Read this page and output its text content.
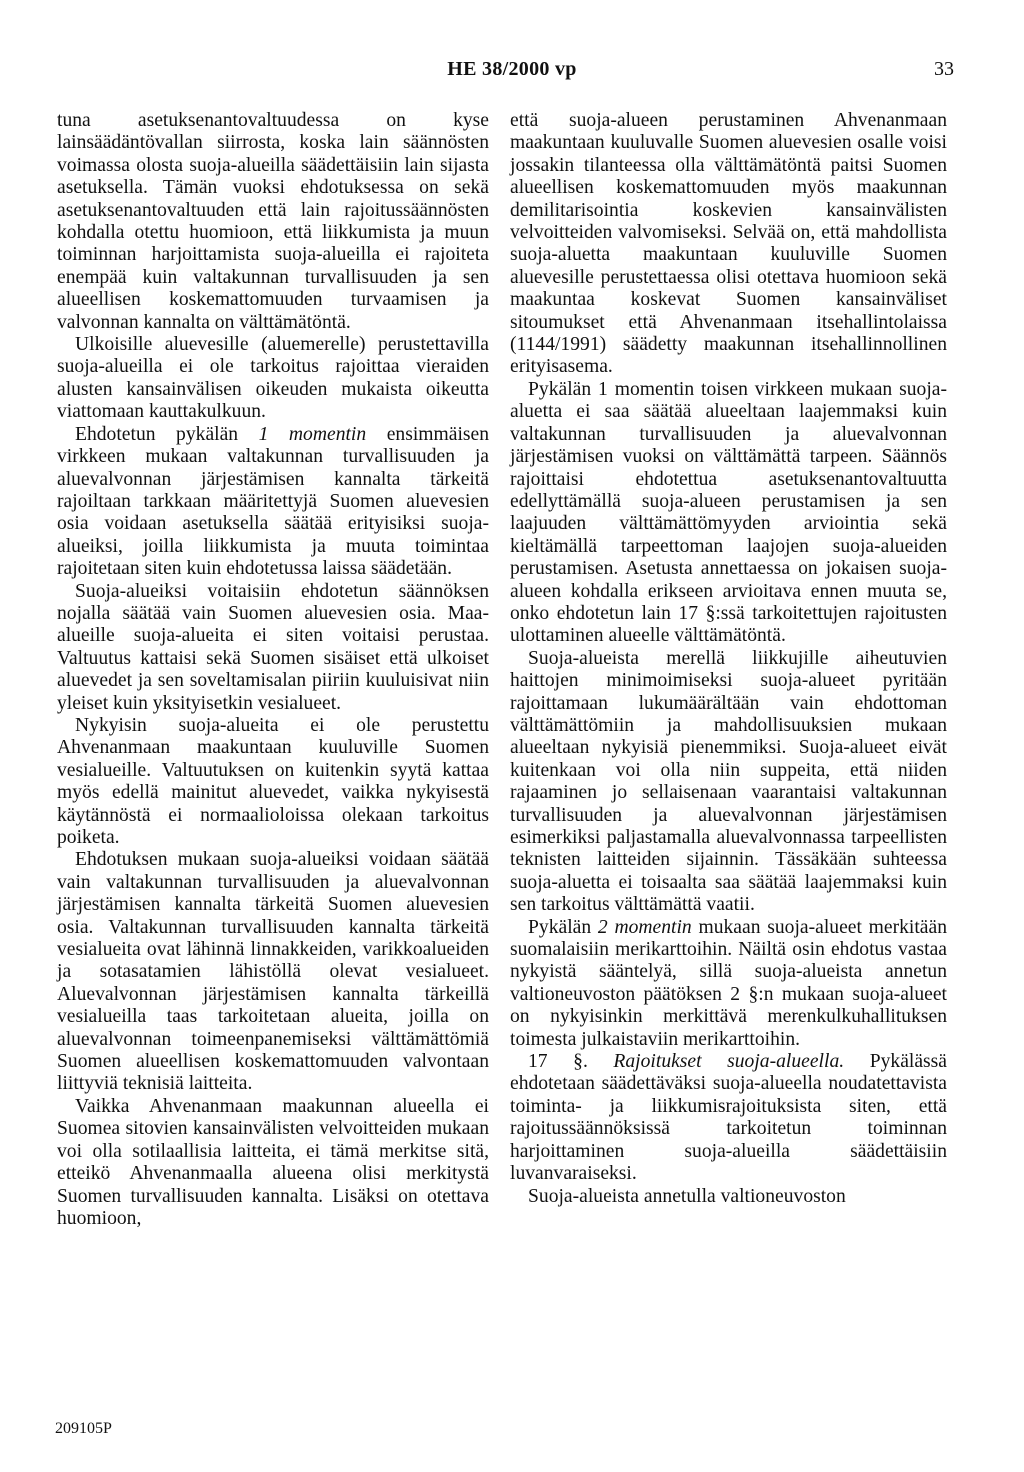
HE 38/2000 vp	33

tuna asetuksenantovaltuudessa on kyse lainsäädäntövallan siirrosta, koska lain säännösten voimassa olosta suoja-alueilla säädettäisiin lain sijasta asetuksella. Tämän vuoksi ehdotuksessa on sekä asetuksenantovaltuuden että lain rajoitussäännösten kohdalla otettu huomioon, että liikkumista ja muun toiminnan harjoittamista suoja-alueilla ei rajoiteta enempää kuin valtakunnan turvallisuuden ja sen alueellisen koskemattomuuden turvaamisen ja valvonnan kannalta on välttämätöntä.

Ulkoisille aluevesille (aluemerelle) perustettavilla suoja-alueilla ei ole tarkoitus rajoittaa vieraiden alusten kansainvälisen oikeuden mukaista oikeutta viattomaan kauttakulkuun.

Ehdotetun pykälän 1 momentin ensimmäisen virkkeen mukaan valtakunnan turvallisuuden ja aluevalvonnan järjestämisen kannalta tärkeitä rajoiltaan tarkkaan määritettyjä Suomen aluevesien osia voidaan asetuksella säätää erityisiksi suoja-alueiksi, joilla liikkumista ja muuta toimintaa rajoitetaan siten kuin ehdotetussa laissa säädetään.

Suoja-alueiksi voitaisiin ehdotetun säännöksen nojalla säätää vain Suomen aluevesien osia. Maa-alueille suoja-alueita ei siten voitaisi perustaa. Valtuutus kattaisi sekä Suomen sisäiset että ulkoiset aluevedet ja sen soveltamisalan piiriin kuuluisivat niin yleiset kuin yksityisetkin vesialueet.

Nykyisin suoja-alueita ei ole perustettu Ahvenanmaan maakuntaan kuuluville Suomen vesialueille. Valtuutuksen on kuitenkin syytä kattaa myös edellä mainitut aluevedet, vaikka nykyisestä käytännöstä ei normaalioloissa olekaan tarkoitus poiketa.

Ehdotuksen mukaan suoja-alueiksi voidaan säätää vain valtakunnan turvallisuuden ja aluevalvonnan järjestämisen kannalta tärkeitä Suomen aluevesien osia. Valtakunnan turvallisuuden kannalta tärkeitä vesialueita ovat lähinnä linnakkeiden, varikkoalueiden ja sotasatamien lähistöllä olevat vesialueet. Aluevalvonnan järjestämisen kannalta tärkeillä vesialueilla taas tarkoitetaan alueita, joilla on aluevalvonnan toimeenpanemiseksi välttämättömiä Suomen alueellisen koskemattomuuden valvontaan liittyviä teknisiä laitteita.

Vaikka Ahvenanmaan maakunnan alueella ei Suomea sitovien kansainvälisten velvoitteiden mukaan voi olla sotilaallisia laitteita, ei tämä merkitse sitä, etteikö Ahvenanmaalla alueena olisi merkitystä Suomen turvallisuuden kannalta. Lisäksi on otettava huomioon,

että suoja-alueen perustaminen Ahvenanmaan maakuntaan kuuluvalle Suomen aluevesien osalle voisi jossakin tilanteessa olla välttämätöntä paitsi Suomen alueellisen koskemattomuuden myös maakunnan demilitarisointia koskevien kansainvälisten velvoitteiden valvomiseksi. Selvää on, että mahdollista suoja-aluetta maakuntaan kuuluville Suomen aluevesille perustettaessa olisi otettava huomioon sekä maakuntaa koskevat Suomen kansainväliset sitoumukset että Ahvenanmaan itsehallintolaissa (1144/1991) säädetty maakunnan itsehallinnollinen erityisasema.

Pykälän 1 momentin toisen virkkeen mukaan suoja-aluetta ei saa säätää alueeltaan laajemmaksi kuin valtakunnan turvallisuuden ja aluevalvonnan järjestämisen vuoksi on välttämättä tarpeen. Säännös rajoittaisi ehdotettua asetuksenantovaltuutta edellyttämällä suoja-alueen perustamisen ja sen laajuuden välttämättömyyden arviointia sekä kieltämällä tarpeettoman laajojen suoja-alueiden perustamisen. Asetusta annettaessa on jokaisen suoja-alueen kohdalla erikseen arvioitava ennen muuta se, onko ehdotetun lain 17 §:ssä tarkoitettujen rajoitusten ulottaminen alueelle välttämätöntä.

Suoja-alueista merellä liikkujille aiheutuvien haittojen minimoimiseksi suoja-alueet pyritään rajoittamaan lukumäärältään vain ehdottoman välttämättömiin ja mahdollisuuksien mukaan alueeltaan nykyisiä pienemmiksi. Suoja-alueet eivät kuitenkaan voi olla niin suppeita, että niiden rajaaminen jo sellaisenaan vaarantaisi valtakunnan turvallisuuden ja aluevalvonnan järjestämisen esimerkiksi paljastamalla aluevalvonnassa tarpeellisten teknisten laitteiden sijainnin. Tässäkään suhteessa suoja-aluetta ei toisaalta saa säätää laajemmaksi kuin sen tarkoitus välttämättä vaatii.

Pykälän 2 momentin mukaan suoja-alueet merkitään suomalaisiin merikarttoihin. Näiltä osin ehdotus vastaa nykyistä sääntelyä, sillä suoja-alueista annetun valtioneuvoston päätöksen 2 §:n mukaan suoja-alueet on nykyisinkin merkittävä merenkulkuhallituksen toimesta julkaistaviin merikarttoihin.

17 §. Rajoitukset suoja-alueella. Pykälässä ehdotetaan säädettäväksi suoja-alueella noudatettavista toiminta- ja liikkumisrajoituksista siten, että rajoitussäännöksissä tarkoitetun toiminnan harjoittaminen suoja-alueilla säädettäisiin luvanvaraiseksi.

Suoja-alueista annetulla valtioneuvoston

209105P
